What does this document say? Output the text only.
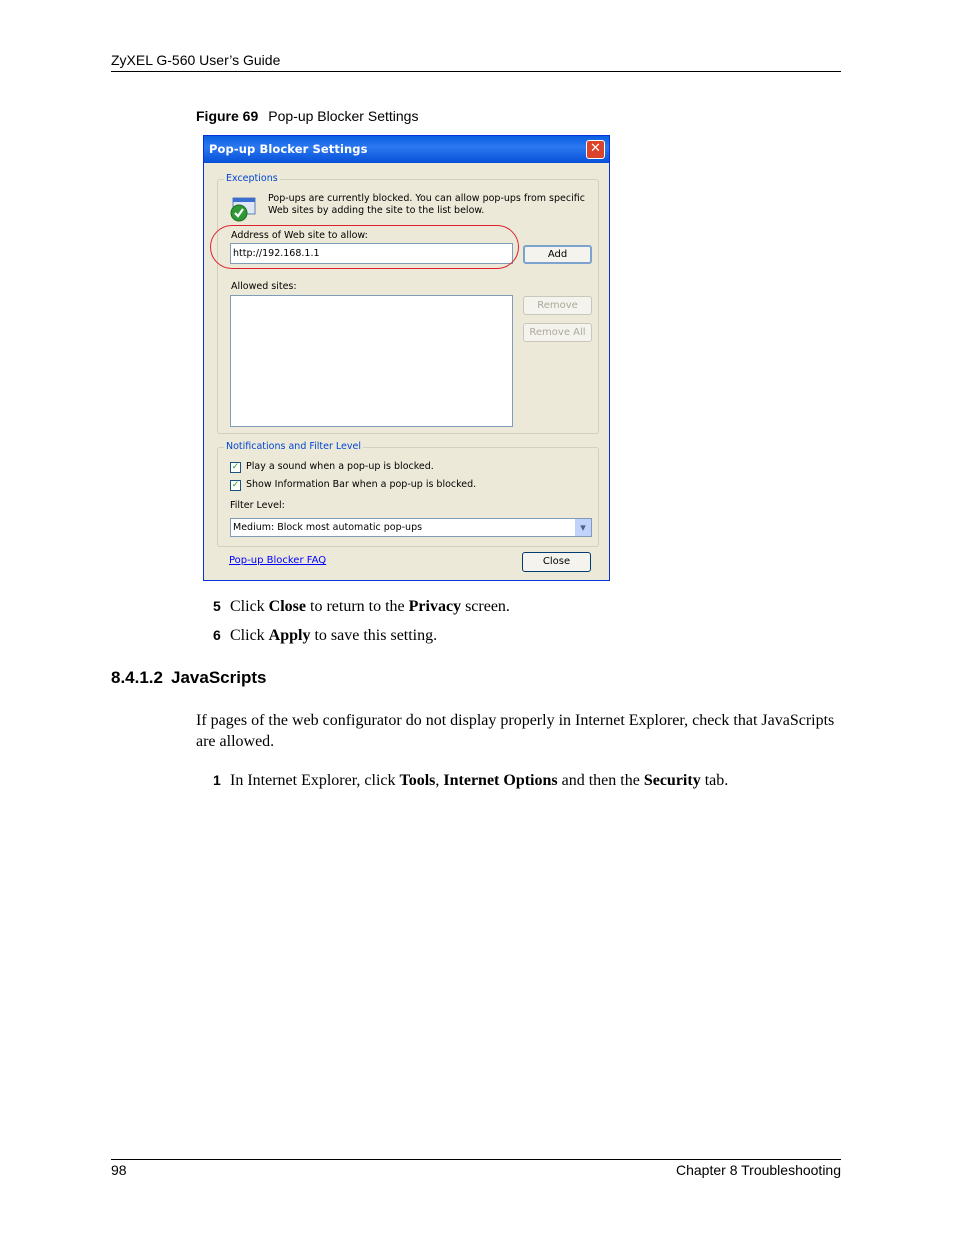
ZyXEL G-560 User’s Guide
Figure 69 Pop-up Blocker Settings
Pop-up Blocker Settings	✕
Exceptions
Pop-ups are currently blocked. You can allow pop-ups from specific
Web sites by adding the site to the list below.
Address of Web site to allow:
http://192.168.1.1	Add
Allowed sites:
Remove
Remove All
Notifications and Filter Level
✓ Play a sound when a pop-up is blocked.
✓ Show Information Bar when a pop-up is blocked.
Filter Level:
Medium: Block most automatic pop-ups	▾
Pop-up Blocker FAQ	Close
5 Click Close to return to the Privacy screen.
6 Click Apply to save this setting.
8.4.1.2 JavaScripts
If pages of the web configurator do not display properly in Internet Explorer, check that JavaScripts are allowed.
1 In Internet Explorer, click Tools, Internet Options and then the Security tab.
98	Chapter 8 Troubleshooting
